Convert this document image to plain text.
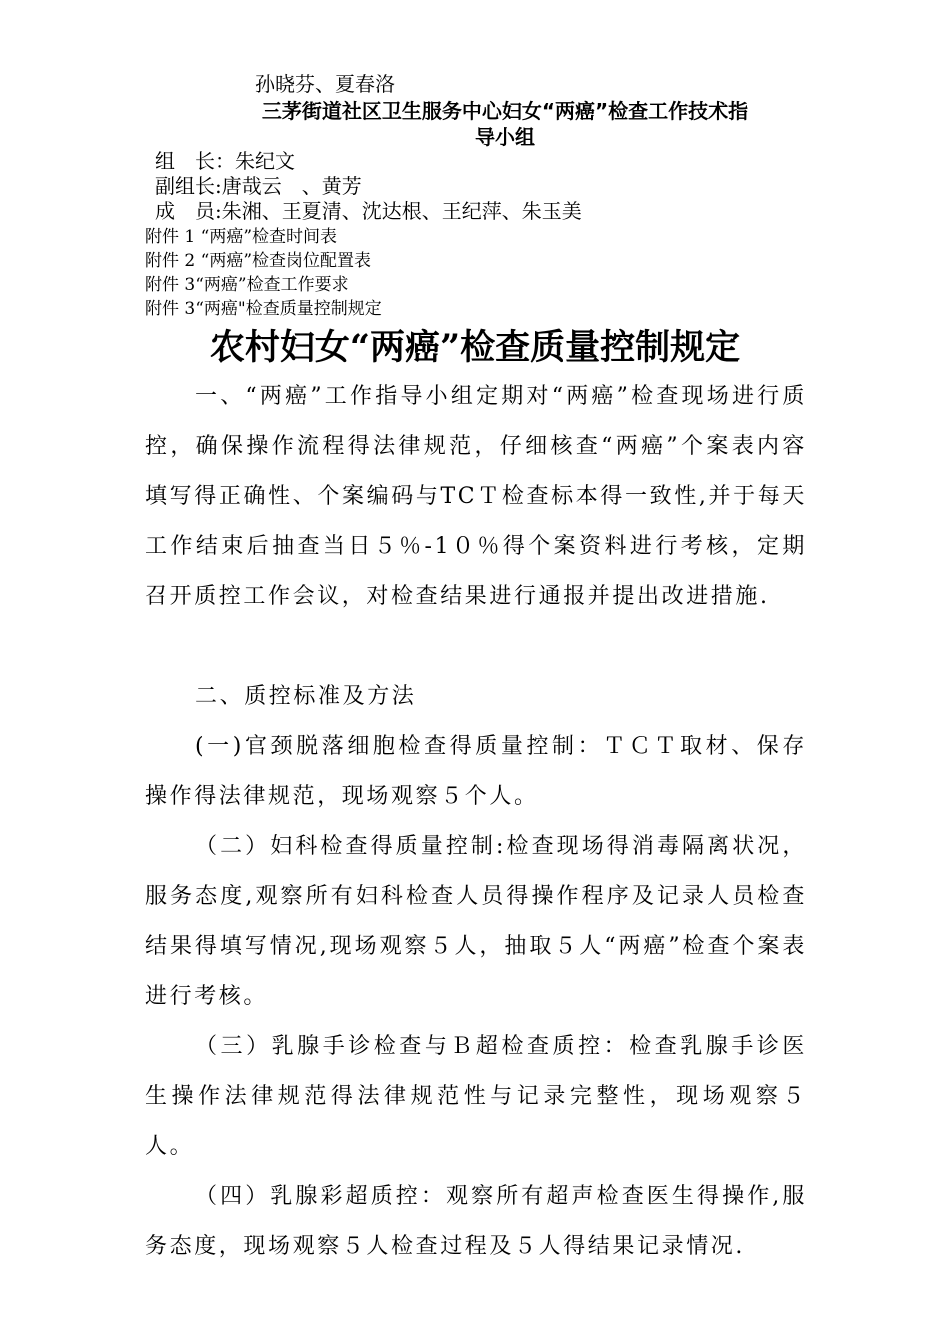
孙晓芬、夏春洛
三茅街道社区卫生服务中心妇女“两癌”检查工作技术指
导小组
组　长：朱纪文
副组长:唐哉云　、黄芳
成　员:朱湘、王夏清、沈达根、王纪萍、朱玉美
附件 1 “两癌”检查时间表
附件 2 “两癌”检查岗位配置表
附件 3“两癌”检查工作要求
附件 3“两癌"检查质量控制规定
农村妇女“两癌”检查质量控制规定

一、“两癌”工作指导小组定期对“两癌”检查现场进行质控，确保操作流程得法律规范，仔细核查“两癌”个案表内容填写得正确性、个案编码与TCＴ检查标本得一致性,并于每天工作结束后抽查当日５％-1０％得个案资料进行考核，定期召开质控工作会议，对检查结果进行通报并提出改进措施.

二、质控标准及方法

(一)官颈脱落细胞检查得质量控制：ＴＣＴ取材、保存操作得法律规范，现场观察５个人。

（二）妇科检查得质量控制:检查现场得消毒隔离状况，服务态度,观察所有妇科检查人员得操作程序及记录人员检查结果得填写情况,现场观察５人，抽取５人“两癌”检查个案表进行考核。

（三）乳腺手诊检查与Ｂ超检查质控：检查乳腺手诊医生操作法律规范得法律规范性与记录完整性，现场观察５人。

（四）乳腺彩超质控：观察所有超声检查医生得操作,服务态度，现场观察５人检查过程及５人得结果记录情况.
